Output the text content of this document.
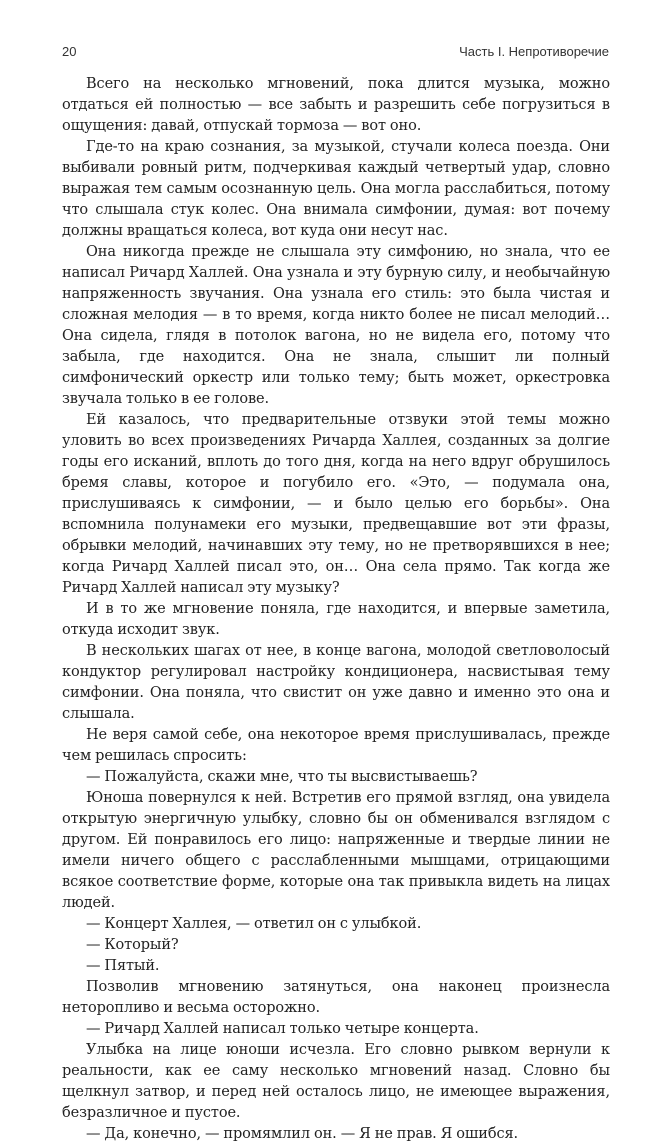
20	Часть I. Непротиворечие

Всего на несколько мгновений, пока длится музыка, можно отдаться ей полностью — все забыть и разрешить себе погрузиться в ощущения: давай, отпускай тормоза — вот оно.

Где-то на краю сознания, за музыкой, стучали колеса поезда. Они выбивали ровный ритм, подчеркивая каждый четвертый удар, словно выражая тем самым осознанную цель. Она могла расслабиться, потому что слышала стук колес. Она внимала симфонии, думая: вот почему должны вращаться колеса, вот куда они несут нас.

Она никогда прежде не слышала эту симфонию, но знала, что ее написал Ричард Халлей. Она узнала и эту бурную силу, и необычайную напряженность звучания. Она узнала его стиль: это была чистая и сложная мелодия — в то время, когда никто более не писал мелодий… Она сидела, глядя в потолок вагона, но не видела его, потому что забыла, где находится. Она не знала, слышит ли полный симфонический оркестр или только тему; быть может, оркестровка звучала только в ее голове.

Ей казалось, что предварительные отзвуки этой темы можно уловить во всех произведениях Ричарда Халлея, созданных за долгие годы его исканий, вплоть до того дня, когда на него вдруг обрушилось бремя славы, которое и погубило его. «Это, — подумала она, прислушиваясь к симфонии, — и было целью его борьбы». Она вспомнила полунамеки его музыки, предвещавшие вот эти фразы, обрывки мелодий, начинавших эту тему, но не претворявшихся в нее; когда Ричард Халлей писал это, он… Она села прямо. Так когда же Ричард Халлей написал эту музыку?

И в то же мгновение поняла, где находится, и впервые заметила, откуда исходит звук.

В нескольких шагах от нее, в конце вагона, молодой светловолосый кондуктор регулировал настройку кондиционера, насвистывая тему симфонии. Она поняла, что свистит он уже давно и именно это она и слышала.

Не веря самой себе, она некоторое время прислушивалась, прежде чем решилась спросить:

— Пожалуйста, скажи мне, что ты высвистываешь?

Юноша повернулся к ней. Встретив его прямой взгляд, она увидела открытую энергичную улыбку, словно бы он обменивался взглядом с другом. Ей понравилось его лицо: напряженные и твердые линии не имели ничего общего с расслабленными мышцами, отрицающими всякое соответствие форме, которые она так привыкла видеть на лицах людей.

— Концерт Халлея, — ответил он с улыбкой.

— Который?

— Пятый.

Позволив мгновению затянуться, она наконец произнесла неторопливо и весьма осторожно.

— Ричард Халлей написал только четыре концерта.

Улыбка на лице юноши исчезла. Его словно рывком вернули к реальности, как ее саму несколько мгновений назад. Словно бы щелкнул затвор, и перед ней осталось лицо, не имеющее выражения, безразличное и пустое.

— Да, конечно, — промямлил он. — Я не прав. Я ошибся.
